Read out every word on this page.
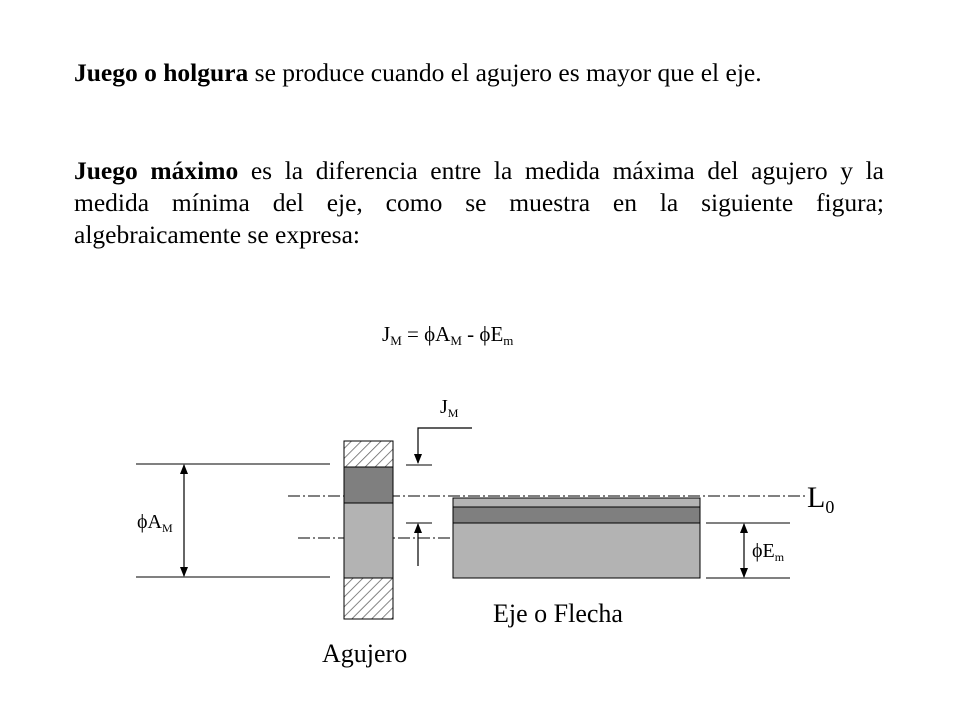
Juego o holgura se produce cuando el agujero es mayor que el eje.

Juego máximo es la diferencia entre la medida máxima del agujero y la medida mínima del eje, como se muestra en la siguiente figura; algebraicamente se expresa:

$J_M = \phi A_M - \phi E_m$
$\phi A_M$
$J_M$
$L_0$
$\phi E_m$
Eje o Flecha
Agujero
